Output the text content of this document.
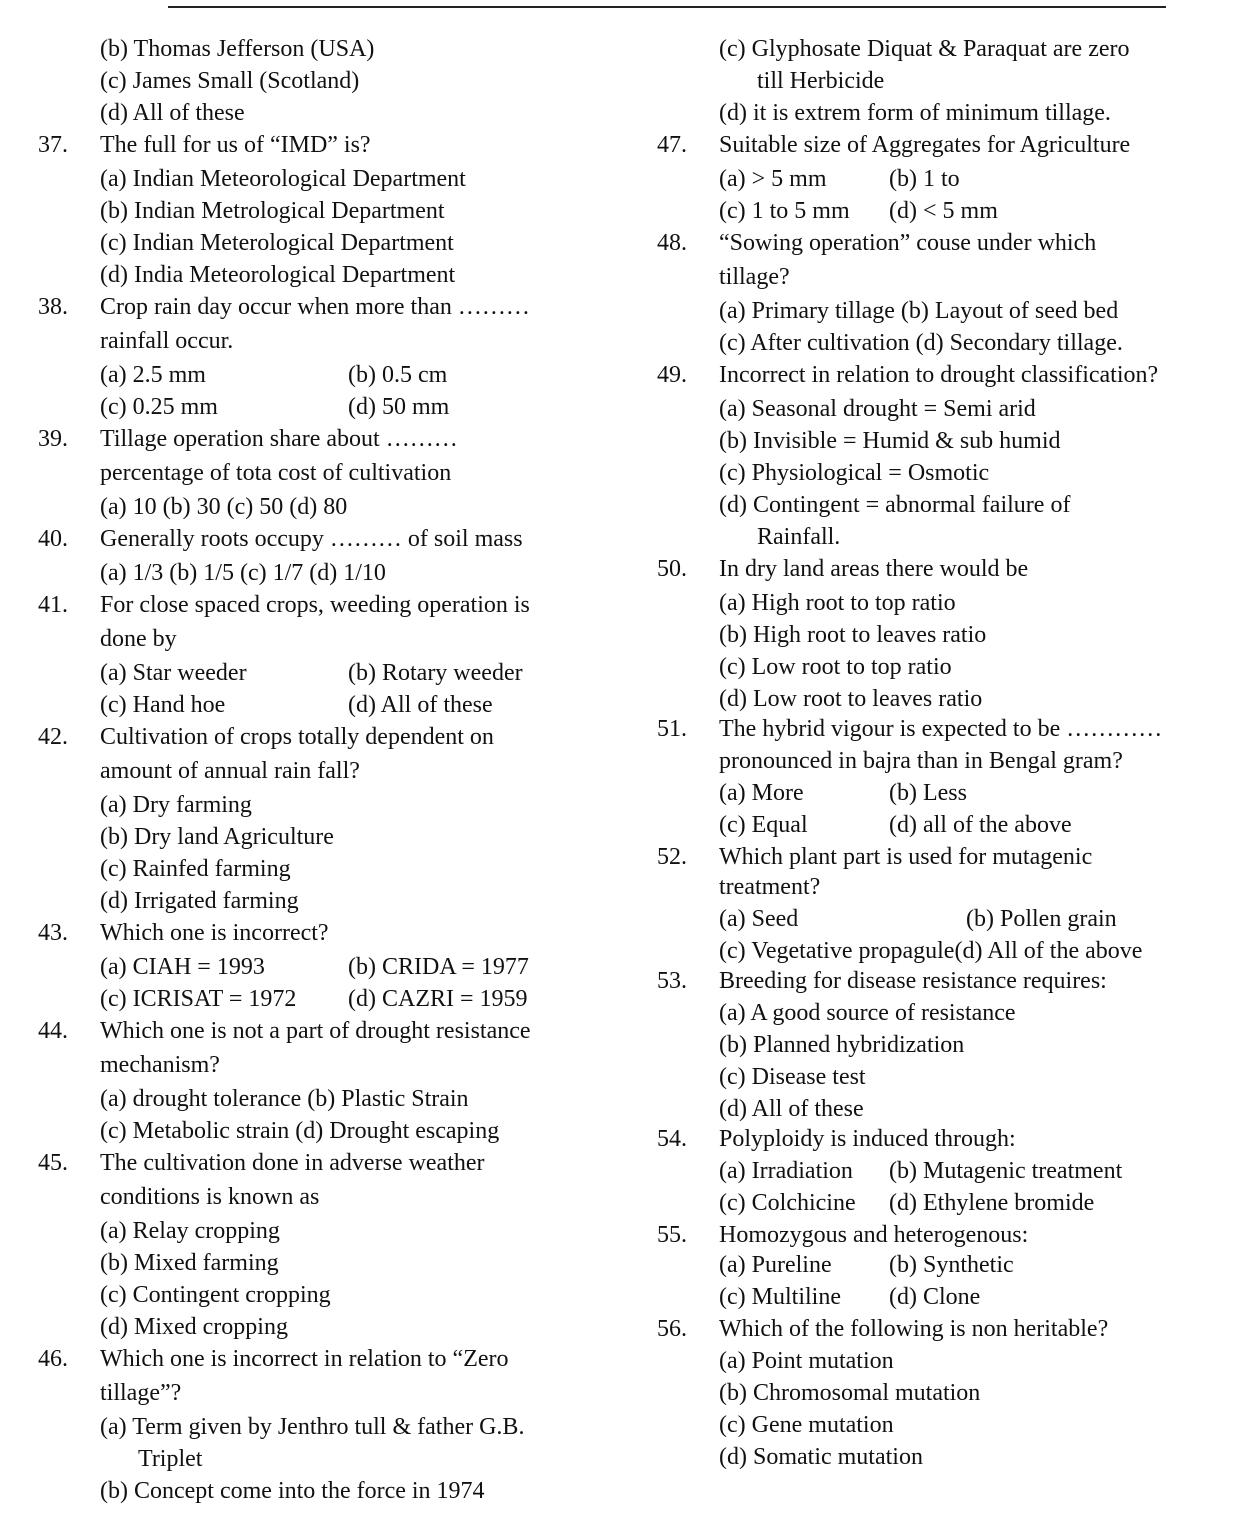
(b) Thomas Jefferson (USA)
(c) James Small (Scotland)
(d) All of these
37. The full for us of “IMD” is?
(a) Indian Meteorological Department
(b) Indian Metrological Department
(c) Indian Meterological Department
(d) India Meteorological Department
38. Crop rain day occur when more than ………
rainfall occur.
(a) 2.5 mm	(b) 0.5 cm
(c) 0.25 mm	(d) 50 mm
39. Tillage operation share about ………
percentage of tota cost of cultivation
(a) 10 (b) 30 (c) 50 (d) 80
40. Generally roots occupy ……… of soil mass
(a) 1/3 (b) 1/5 (c) 1/7 (d) 1/10
41. For close spaced crops, weeding operation is
done by
(a) Star weeder	(b) Rotary weeder
(c) Hand hoe	(d) All of these
42. Cultivation of crops totally dependent on
amount of annual rain fall?
(a) Dry farming
(b) Dry land Agriculture
(c) Rainfed farming
(d) Irrigated farming
43. Which one is incorrect?
(a) CIAH = 1993	(b) CRIDA = 1977
(c) ICRISAT = 1972 (d) CAZRI = 1959
44. Which one is not a part of drought resistance
mechanism?
(a) drought tolerance (b) Plastic Strain
(c) Metabolic strain (d) Drought escaping
45. The cultivation done in adverse weather
conditions is known as
(a) Relay cropping
(b) Mixed farming
(c) Contingent cropping
(d) Mixed cropping
46. Which one is incorrect in relation to “Zero
tillage”?
(a) Term given by Jenthro tull & father G.B.
Triplet
(b) Concept come into the force in 1974
(c) Glyphosate Diquat & Paraquat are zero
till Herbicide
(d) it is extrem form of minimum tillage.
47. Suitable size of Aggregates for Agriculture
(a) > 5 mm	(b) 1 to
(c) 1 to 5 mm (d) < 5 mm
48. “Sowing operation” couse under which
tillage?
(a) Primary tillage (b) Layout of seed bed
(c) After cultivation (d) Secondary tillage.
49. Incorrect in relation to drought classification?
(a) Seasonal drought = Semi arid
(b) Invisible = Humid & sub humid
(c) Physiological = Osmotic
(d) Contingent = abnormal failure of
Rainfall.
50. In dry land areas there would be
(a) High root to top ratio
(b) High root to leaves ratio
(c) Low root to top ratio
(d) Low root to leaves ratio
51. The hybrid vigour is expected to be …………
pronounced in bajra than in Bengal gram?
(a) More	(b) Less
(c) Equal	(d) all of the above
52. Which plant part is used for mutagenic
treatment?
(a) Seed	(b) Pollen grain
(c) Vegetative propagule(d) All of the above
53. Breeding for disease resistance requires:
(a) A good source of resistance
(b) Planned hybridization
(c) Disease test
(d) All of these
54. Polyploidy is induced through:
(a) Irradiation (b) Mutagenic treatment
(c) Colchicine (d) Ethylene bromide
55. Homozygous and heterogenous:
(a) Pureline (b) Synthetic
(c) Multiline (d) Clone
56. Which of the following is non heritable?
(a) Point mutation
(b) Chromosomal mutation
(c) Gene mutation
(d) Somatic mutation
